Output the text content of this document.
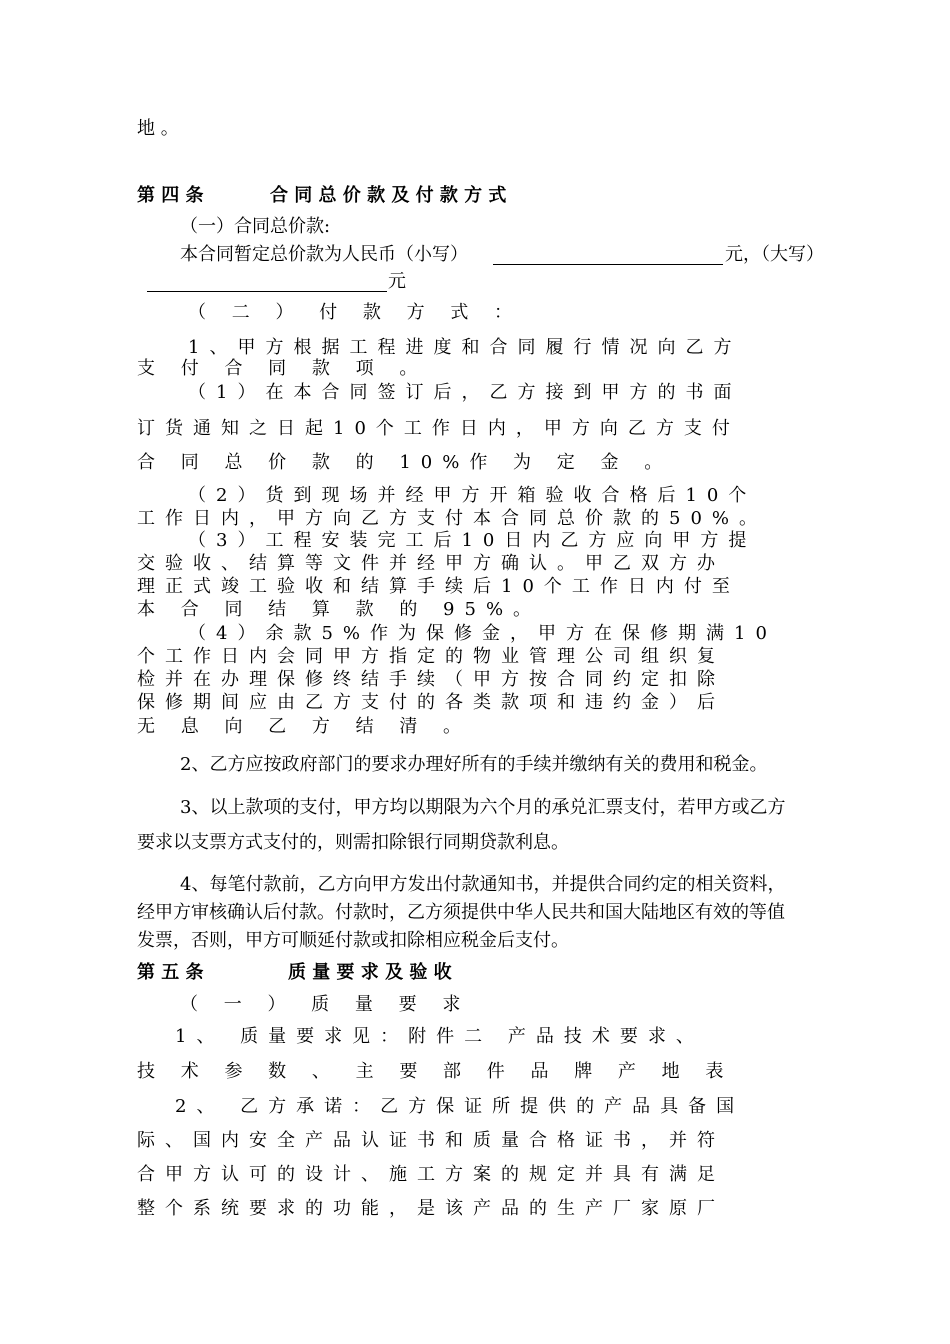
地 。
第 四 条	合 同 总 价 款 及 付 款 方 式
（一）合同总价款:
本合同暂定总价款为人民币（小写）	元，（大写）
元
（ 二 ） 付 款 方 式 ：
1、甲方根据工程进度和合同履行情况向乙方
支 付 合 同 款 项 。
（1）在本合同签订后，乙方接到甲方的书面
订货通知之日起10个工作日内，甲方向乙方支付
合 同 总 价 款 的 10%作 为 定 金 。
（2）货到现场并经甲方开箱验收合格后10个
工作日内，甲方向乙方支付本合同总价款的50%。
（3）工程安装完工后10日内乙方应向甲方提
交验收、结算等文件并经甲方确认。甲乙双方办
理正式竣工验收和结算手续后10个工作日内付至
本 合 同 结 算 款 的 95%。
（4）余款5%作为保修金，甲方在保修期满10
个工作日内会同甲方指定的物业管理公司组织复
检并在办理保修终结手续（甲方按合同约定扣除
保修期间应由乙方支付的各类款项和违约金）后
无 息 向 乙 方 结 清 。
2、乙方应按政府部门的要求办理好所有的手续并缴纳有关的费用和税金。
3、以上款项的支付，甲方均以期限为六个月的承兑汇票支付，若甲方或乙方
要求以支票方式支付的，则需扣除银行同期贷款利息。
4、每笔付款前，乙方向甲方发出付款通知书，并提供合同约定的相关资料，
经甲方审核确认后付款。付款时，乙方须提供中华人民共和国大陆地区有效的等值
发票，否则，甲方可顺延付款或扣除相应税金后支付。
第 五 条	质 量 要 求 及 验 收
（ 一 ） 质 量 要 求
1、 质量要求见：附件二 产品技术要求、
技 术 参 数 、 主 要 部 件 品 牌 产 地 表
2、 乙方承诺：乙方保证所提供的产品具备国
际、国内安全产品认证书和质量合格证书，并符
合甲方认可的设计、施工方案的规定并具有满足
整个系统要求的功能，是该产品的生产厂家原厂
